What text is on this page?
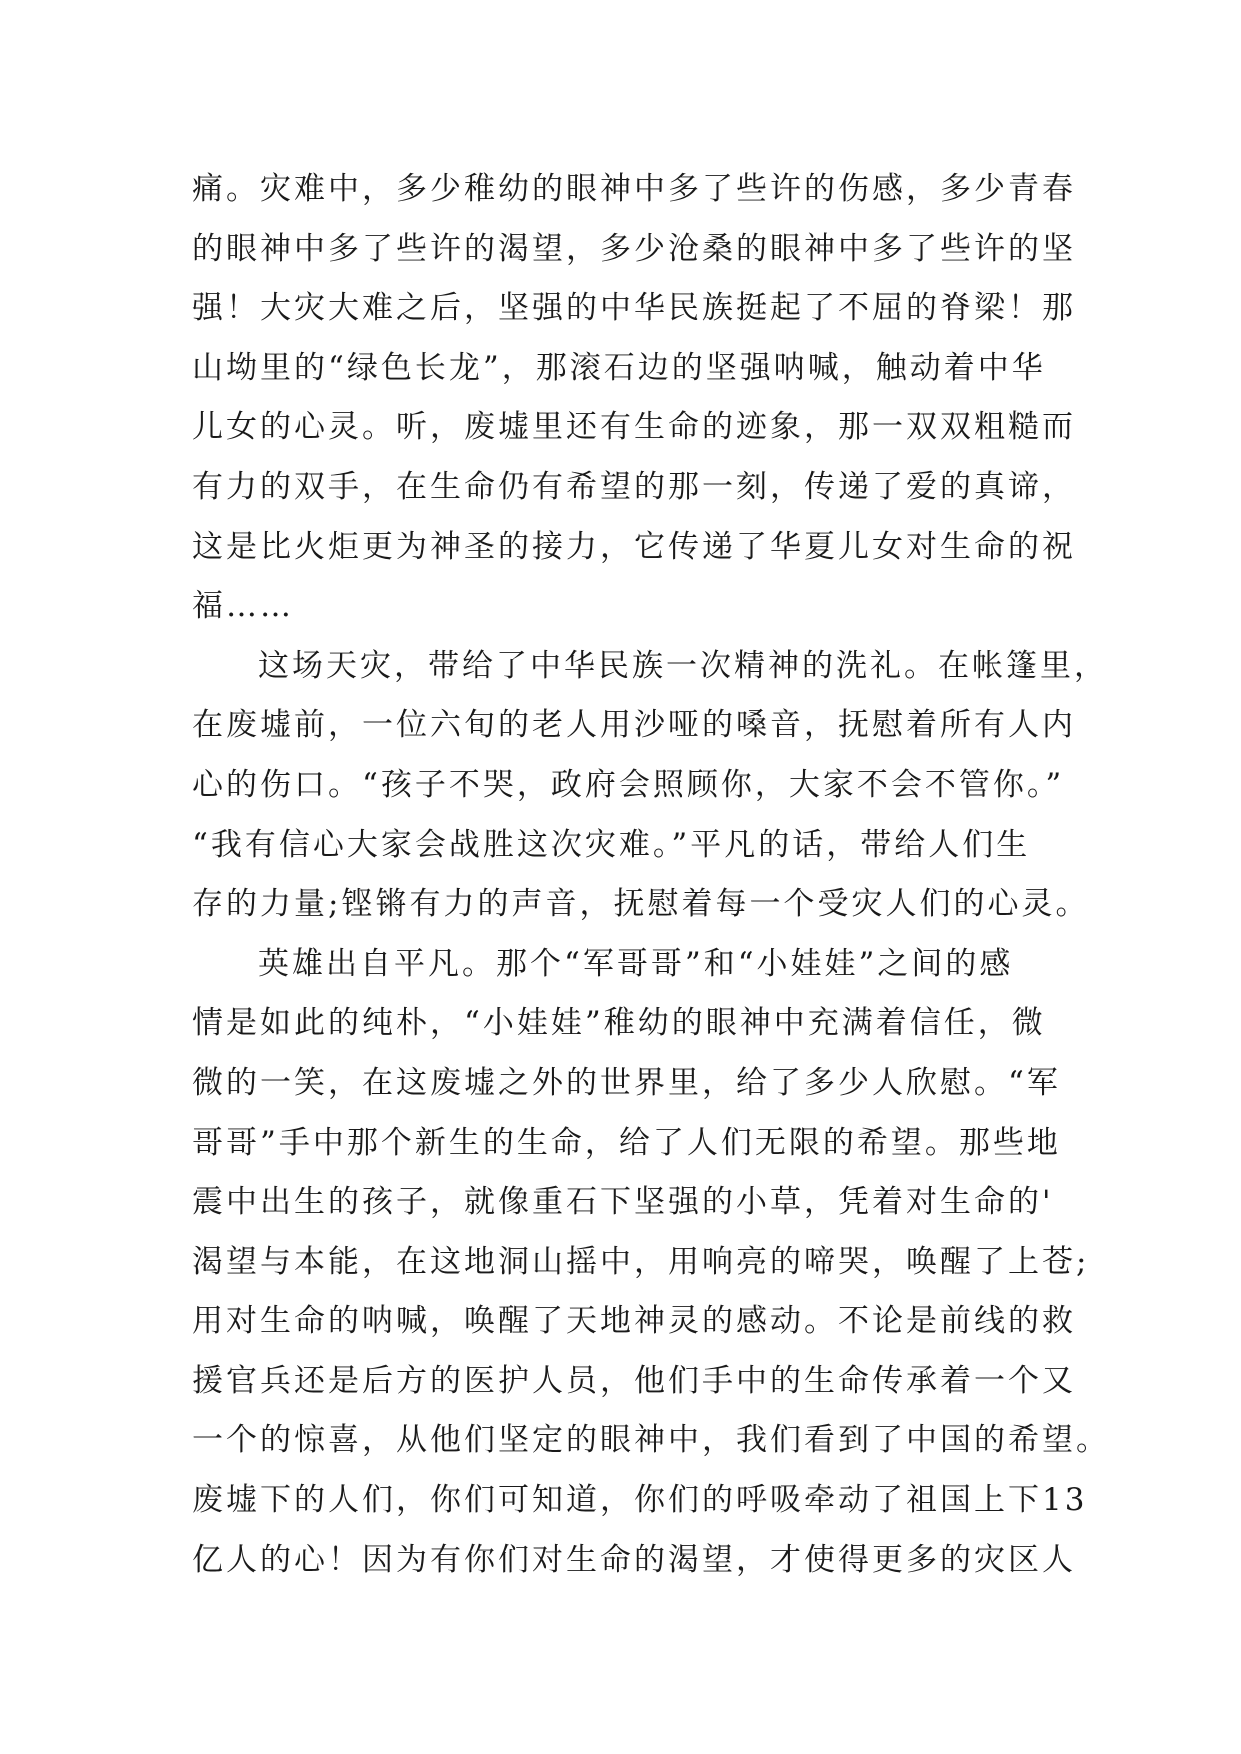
痛。灾难中，多少稚幼的眼神中多了些许的伤感，多少青春
的眼神中多了些许的渴望，多少沧桑的眼神中多了些许的坚
强！大灾大难之后，坚强的中华民族挺起了不屈的脊梁！那
山坳里的“绿色长龙”，那滚石边的坚强呐喊，触动着中华
儿女的心灵。听，废墟里还有生命的迹象，那一双双粗糙而
有力的双手，在生命仍有希望的那一刻，传递了爱的真谛，
这是比火炬更为神圣的接力，它传递了华夏儿女对生命的祝
福……
这场天灾，带给了中华民族一次精神的洗礼。在帐篷里，
在废墟前，一位六旬的老人用沙哑的嗓音，抚慰着所有人内
心的伤口。“孩子不哭，政府会照顾你，大家不会不管你。”
“我有信心大家会战胜这次灾难。”平凡的话，带给人们生
存的力量;铿锵有力的声音，抚慰着每一个受灾人们的心灵。
英雄出自平凡。那个“军哥哥”和“小娃娃”之间的感
情是如此的纯朴，“小娃娃”稚幼的眼神中充满着信任，微
微的一笑，在这废墟之外的世界里，给了多少人欣慰。“军
哥哥”手中那个新生的生命，给了人们无限的希望。那些地
震中出生的孩子，就像重石下坚强的小草，凭着对生命的'
渴望与本能，在这地洞山摇中，用响亮的啼哭，唤醒了上苍;
用对生命的呐喊，唤醒了天地神灵的感动。不论是前线的救
援官兵还是后方的医护人员，他们手中的生命传承着一个又
一个的惊喜，从他们坚定的眼神中，我们看到了中国的希望。
废墟下的人们，你们可知道，你们的呼吸牵动了祖国上下13
亿人的心！因为有你们对生命的渴望，才使得更多的灾区人
